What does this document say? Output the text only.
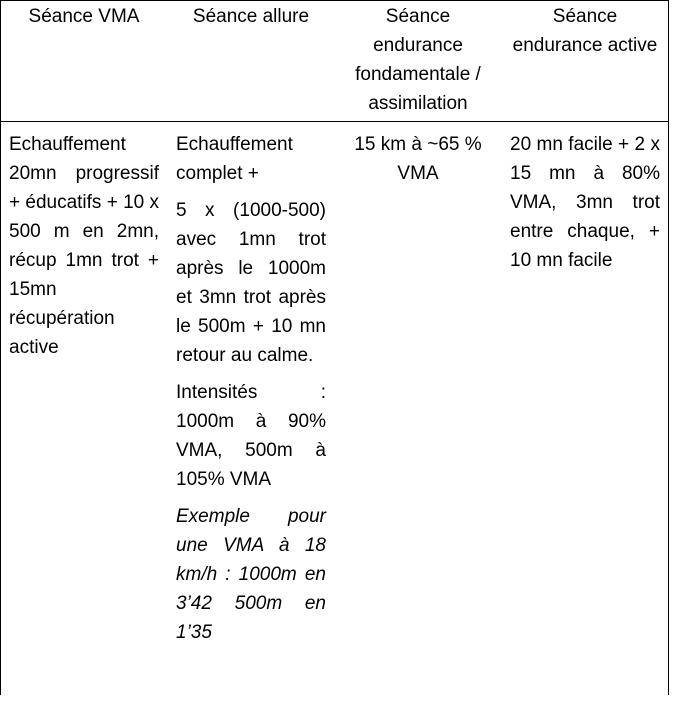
Séance VMA	Séance allure	Séance endurance fondamentale / assimilation
Séance endurance active

Echauffement 20mn progressif + éducatifs + 10 x 500 m en 2mn, récup 1mn trot + 15mn récupération active

Echauffement complet +

5 x (1000-500) avec 1mn trot après le 1000m et 3mn trot après le 500m + 10 mn retour au calme.

Intensités : 1000m à 90% VMA, 500m à 105% VMA

Exemple pour une VMA à 18 km/h : 1000m en 3’42 500m en 1’35

15 km à ~65 % VMA

20 mn facile + 2 x 15 mn à 80% VMA, 3mn trot entre chaque, + 10 mn facile
